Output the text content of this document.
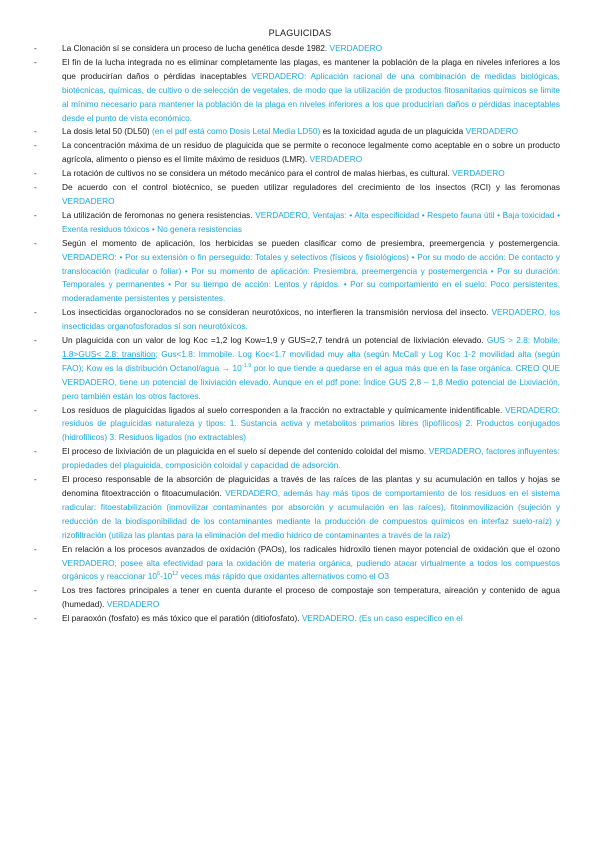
PLAGUICIDAS
-	La Clonación sí se considera un proceso de lucha genética desde 1982. VERDADERO
-	El fin de la lucha integrada no es eliminar completamente las plagas, es mantener la población de la plaga en niveles inferiores a los que producirían daños o pérdidas inaceptables VERDADERO: Aplicación racional de una combinación de medidas biológicas, biotécnicas, químicas, de cultivo o de selección de vegetales, de modo que la utilización de productos fitosanitarios químicos se limite al mínimo necesario para mantener la población de la plaga en niveles inferiores a los que producirían daños o pérdidas inaceptables desde el punto de vista económico.
-	La dosis letal 50 (DL50) (en el pdf está como Dosis Letal Media LD50) es la toxicidad aguda de un plaguicida VERDADERO
-	La concentración máxima de un residuo de plaguicida que se permite o reconoce legalmente como aceptable en o sobre un producto agrícola, alimento o pienso es el límite máximo de residuos (LMR). VERDADERO
-	La rotación de cultivos no se considera un método mecánico para el control de malas hierbas, es cultural. VERDADERO
-	De acuerdo con el control biotécnico, se pueden utilizar reguladores del crecimiento de los insectos (RCI) y las feromonas VERDADERO
-	La utilización de feromonas no genera resistencias. VERDADERO, Ventajas: • Alta especificidad • Respeto fauna útil • Baja toxicidad • Exenta residuos tóxicos • No genera resistencias
-	Según el momento de aplicación, los herbicidas se pueden clasificar como de presiembra, preemergencia y postemergencia. VERDADERO: • Por su extensión o fin perseguido: Totales y selectivos (físicos y fisiológicos) • Por su modo de acción: De contacto y translocación (radicular o foliar) • Por su momento de aplicación: Presiembra, preemergencia y postemergencia • Por su duración: Temporales y permanentes • Por su tiempo de acción: Lentos y rápidos. • Por su comportamiento en el suelo: Poco persistentes, moderadamente persistentes y persistentes.
-	Los insecticidas organoclorados no se consideran neurotóxicos, no interfieren la transmisión nerviosa del insecto. VERDADERO, los insecticidas organofosforados sí son neurotóxicos.
-	Un plaguicida con un valor de log Koc =1,2 log Kow=1,9 y GUS=2,7 tendrá un potencial de lixiviación elevado. GUS > 2.8: Mobile; 1.8>GUS< 2.8: transition; Gus<1.8: Immobile. Log Koc<1.7 movilidad muy alta (según McCall y Log Koc 1-2 movilidad alta (según FAO); Kow es la distribución Octanol/agua → $10^{-1.9}$ por lo que tiende a quedarse en el agua más que en la fase orgánica. CREO QUE VERDADERO, tiene un potencial de lixiviación elevado. Aunque en el pdf pone: Índice GUS 2,8 – 1,8 Medio potencial de Lixiviación, pero también están los otros factores.
-	Los residuos de plaguicidas ligados al suelo corresponden a la fracción no extractable y químicamente inidentificable. VERDADERO: residuos de plaguicidas naturaleza y tipos: 1. Sustancia activa y metabolitos primarios libres (lipofílicos) 2. Productos conjugados (hidrofílicos) 3. Residuos ligados (no extractables)
-	El proceso de lixiviación de un plaguicida en el suelo sí depende del contenido coloidal del mismo. VERDADERO, factores influyentes: propiedades del plaguicida, composición coloidal y capacidad de adsorción.
-	El proceso responsable de la absorción de plaguicidas a través de las raíces de las plantas y su acumulación en tallos y hojas se denomina fitoextracción o fitoacumulación. VERDADERO, además hay más tipos de comportamiento de los residuos en el sistema radicular: fitoestabilización (inmovilizar contaminantes por absorción y acumulación en las raíces), fitoinmovilización (sujeción y reducción de la biodisponibilidad de los contaminantes mediante la producción de compuestos químicos en interfaz suelo-raíz) y rizofiltración (utiliza las plantas para la eliminación del medio hídrico de contaminantes a través de la raíz)
-	En relación a los procesos avanzados de oxidación (PAOs), los radicales hidroxilo tienen mayor potencial de oxidación que el ozono VERDADERO, posee alta efectividad para la oxidación de materia orgánica, pudiendo atacar virtualmente a todos los compuestos orgánicos y reaccionar $10^6-10^{12}$ veces más rápido que oxidantes alternativos como el O3
-	Los tres factores principales a tener en cuenta durante el proceso de compostaje son temperatura, aireación y contenido de agua (humedad). VERDADERO
-	El paraoxón (fosfato) es más tóxico que el paratión (ditiofosfato). VERDADERO. (Es un caso específico en el
